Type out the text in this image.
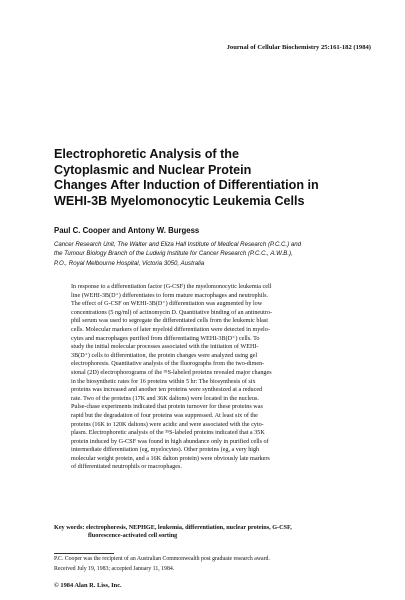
Journal of Cellular Biochemistry 25:161-182 (1984)
Electrophoretic Analysis of the
Cytoplasmic and Nuclear Protein
Changes After Induction of Differentiation in
WEHI-3B Myelomonocytic Leukemia Cells
Paul C. Cooper and Antony W. Burgess
Cancer Research Unit, The Walter and Eliza Hall Institute of Medical Research (P.C.C.) and
the Tumour Biology Branch of the Ludwig Institute for Cancer Research (P.C.C., A.W.B.),
P.O., Royal Melbourne Hospital, Victoria 3050, Australia
In response to a differentiation factor (G-CSF) the myelomonocytic leukemia cell
line (WEHI-3B(D⁺) differentiates to form mature macrophages and neutrophils.
The effect of G-CSF on WEHI-3B(D⁺) differentiation was augmented by low
concentrations (5 ng/ml) of actinomycin D. Quantitative binding of an antineutro-
phil serum was used to segregate the differentiated cells from the leukemic blast
cells. Molecular markers of later myeloid differentiation were detected in myelo-
cytes and macrophages purified from differentiating WEHI-3B(D⁺) cells. To
study the initial molecular processes associated with the initiation of WEHI-
3B(D⁺) cells to differentiation, the protein changes were analyzed using gel
electrophoresis. Quantitative analysis of the fluorographs from the two-dimen-
sional (2D) electrophorograms of the ³⁵S-labeled proteins revealed major changes
in the biosynthetic rates for 16 proteins within 5 hr: The biosynthesis of six
proteins was increased and another ten proteins were synthesized at a reduced
rate. Two of the proteins (17K and 36K daltons) were located in the nucleus.
Pulse-chase experiments indicated that protein turnover for these proteins was
rapid but the degradation of four proteins was suppressed. At least six of the
proteins (16K to 120K daltons) were acidic and were associated with the cyto-
plasm. Electrophoretic analysis of the ³⁵S-labeled proteins indicated that a 35K
protein induced by G-CSF was found in high abundance only in purified cells of
intermediate differentiation (eg, myelocytes). Other proteins (eg, a very high
molecular weight protein, and a 16K dalton protein) were obviously late markers
of differentiated neutrophils or macrophages.
Key words: electrophoresis, NEPHGE, leukemia, differentiation, nuclear proteins, G-CSF,
fluorescence-activated cell sorting
P.C. Cooper was the recipient of an Australian Commonwealth post graduate research award.
Received July 19, 1983; accepted January 11, 1984.
© 1984 Alan R. Liss, Inc.
